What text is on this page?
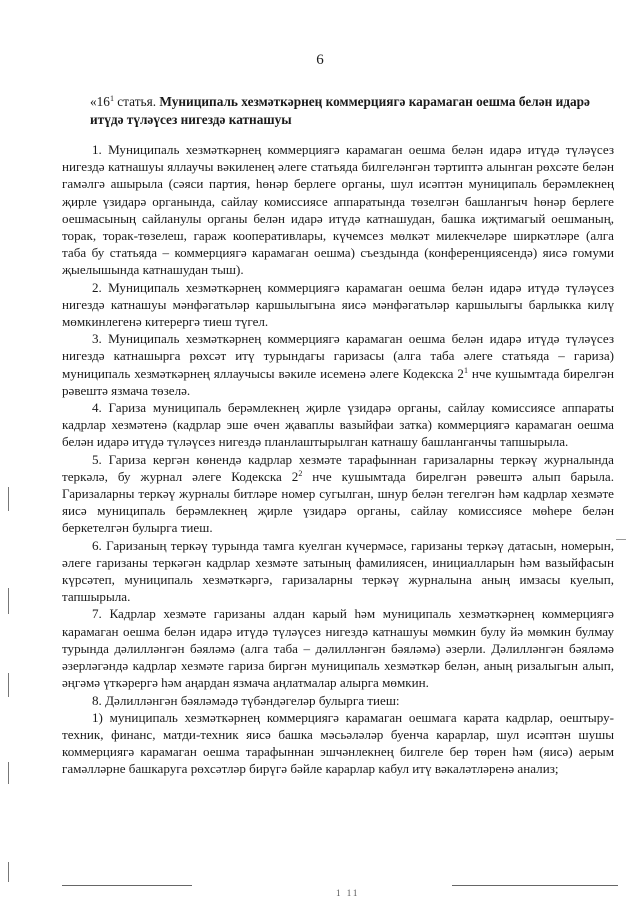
6
«$16^1$ статья. Муниципаль хезмәткәрнең коммерциягә карамаган оешма белән идарә итүдә түләүсез нигездә катнашуы

1. Муниципаль хезмәткәрнең коммерциягә карамаган оешма белән идарә итүдә түләүсез нигездә катнашуы яллаучы вәкиленең әлеге статьяда билгеләнгән тәртиптә алынган рөхсәте белән гамәлгә ашырыла (сәяси партия, һөнәр берлеге органы, шул исәптән муниципаль берәмлекнең җирле үзидарә органында, сайлау комиссиясе аппаратында төзелгән башлангыч һөнәр берлеге оешмасының сайланулы органы белән идарә итүдә катнашудан, башка иҗтимагый оешманың, торак, торак-төзелеш, гараж кооперативлары, күчемсез мөлкәт милекчеләре ширкәтләре (алга таба бу статьяда – коммерциягә карамаган оешма) съездында (конференциясендә) яисә гомуми җыелышында катнашудан тыш).

2. Муниципаль хезмәткәрнең коммерциягә карамаган оешма белән идарә итүдә түләүсез нигездә катнашуы мәнфәгатьләр каршылыгына яисә мәнфәгатьләр каршылыгы барлыкка килү мөмкинлегенә китерергә тиеш түгел.

3. Муниципаль хезмәткәрнең коммерциягә карамаган оешма белән идарә итүдә түләүсез нигездә катнашырга рөхсәт итү турындагы гаризасы (алга таба әлеге статьяда – гариза) муниципаль хезмәткәрнең яллаучысы вәкиле исеменә әлеге Кодекска $2^1$ нче кушымтада бирелгән рәвештә язмача төзелә.

4. Гариза муниципаль берәмлекнең җирле үзидарә органы, сайлау комиссиясе аппараты кадрлар хезмәтенә (кадрлар эше өчен җаваплы вазыйфаи затка) коммерциягә карамаган оешма белән идарә итүдә түләүсез нигездә планлаштырылган катнашу башланганчы тапшырыла.

5. Гариза кергән көнендә кадрлар хезмәте тарафыннан гаризаларны теркәү журналында теркәлә, бу журнал әлеге Кодекска $2^2$ нче кушымтада бирелгән рәвештә алып барыла. Гаризаларны теркәү журналы битләре номер сугылган, шнур белән тегелгән һәм кадрлар хезмәте яисә муниципаль берәмлекнең җирле үзидарә органы, сайлау комиссиясе мөһере белән беркетелгән булырга тиеш.

6. Гаризаның теркәү турында тамга куелган күчермәсе, гаризаны теркәү датасын, номерын, әлеге гаризаны теркәгән кадрлар хезмәте затының фамилиясен, инициалларын һәм вазыйфасын күрсәтеп, муниципаль хезмәткәргә, гаризаларны теркәү журналына аның имзасы куелып, тапшырыла.

7. Кадрлар хезмәте гаризаны алдан карый һәм муниципаль хезмәткәрнең коммерциягә карамаган оешма белән идарә итүдә түләүсез нигездә катнашуы мөмкин булу йә мөмкин булмау турында дәлилләнгән бәяләмә (алга таба – дәлилләнгән бәяләмә) әзерли. Дәлилләнгән бәяләмә әзерләгәндә кадрлар хезмәте гариза биргән муниципаль хезмәткәр белән, аның ризалыгын алып, әңгәмә үткәрергә һәм аңардан язмача аңлатмалар алырга мөмкин.

8. Дәлилләнгән бәяләмәдә түбәндәгеләр булырга тиеш:

1) муниципаль хезмәткәрнең коммерциягә карамаган оешмага карата кадрлар, оештыру-техник, финанс, матди-техник яисә башка мәсьәләләр буенча карарлар, шул исәптән шушы коммерциягә карамаган оешма тарафыннан эшчәнлекнең билгеле бер төрен һәм (яисә) аерым гамәлләрне башкаруга рөхсәтләр бирүгә бәйле карарлар кабул итү вәкаләтләренә анализ;

1 11
